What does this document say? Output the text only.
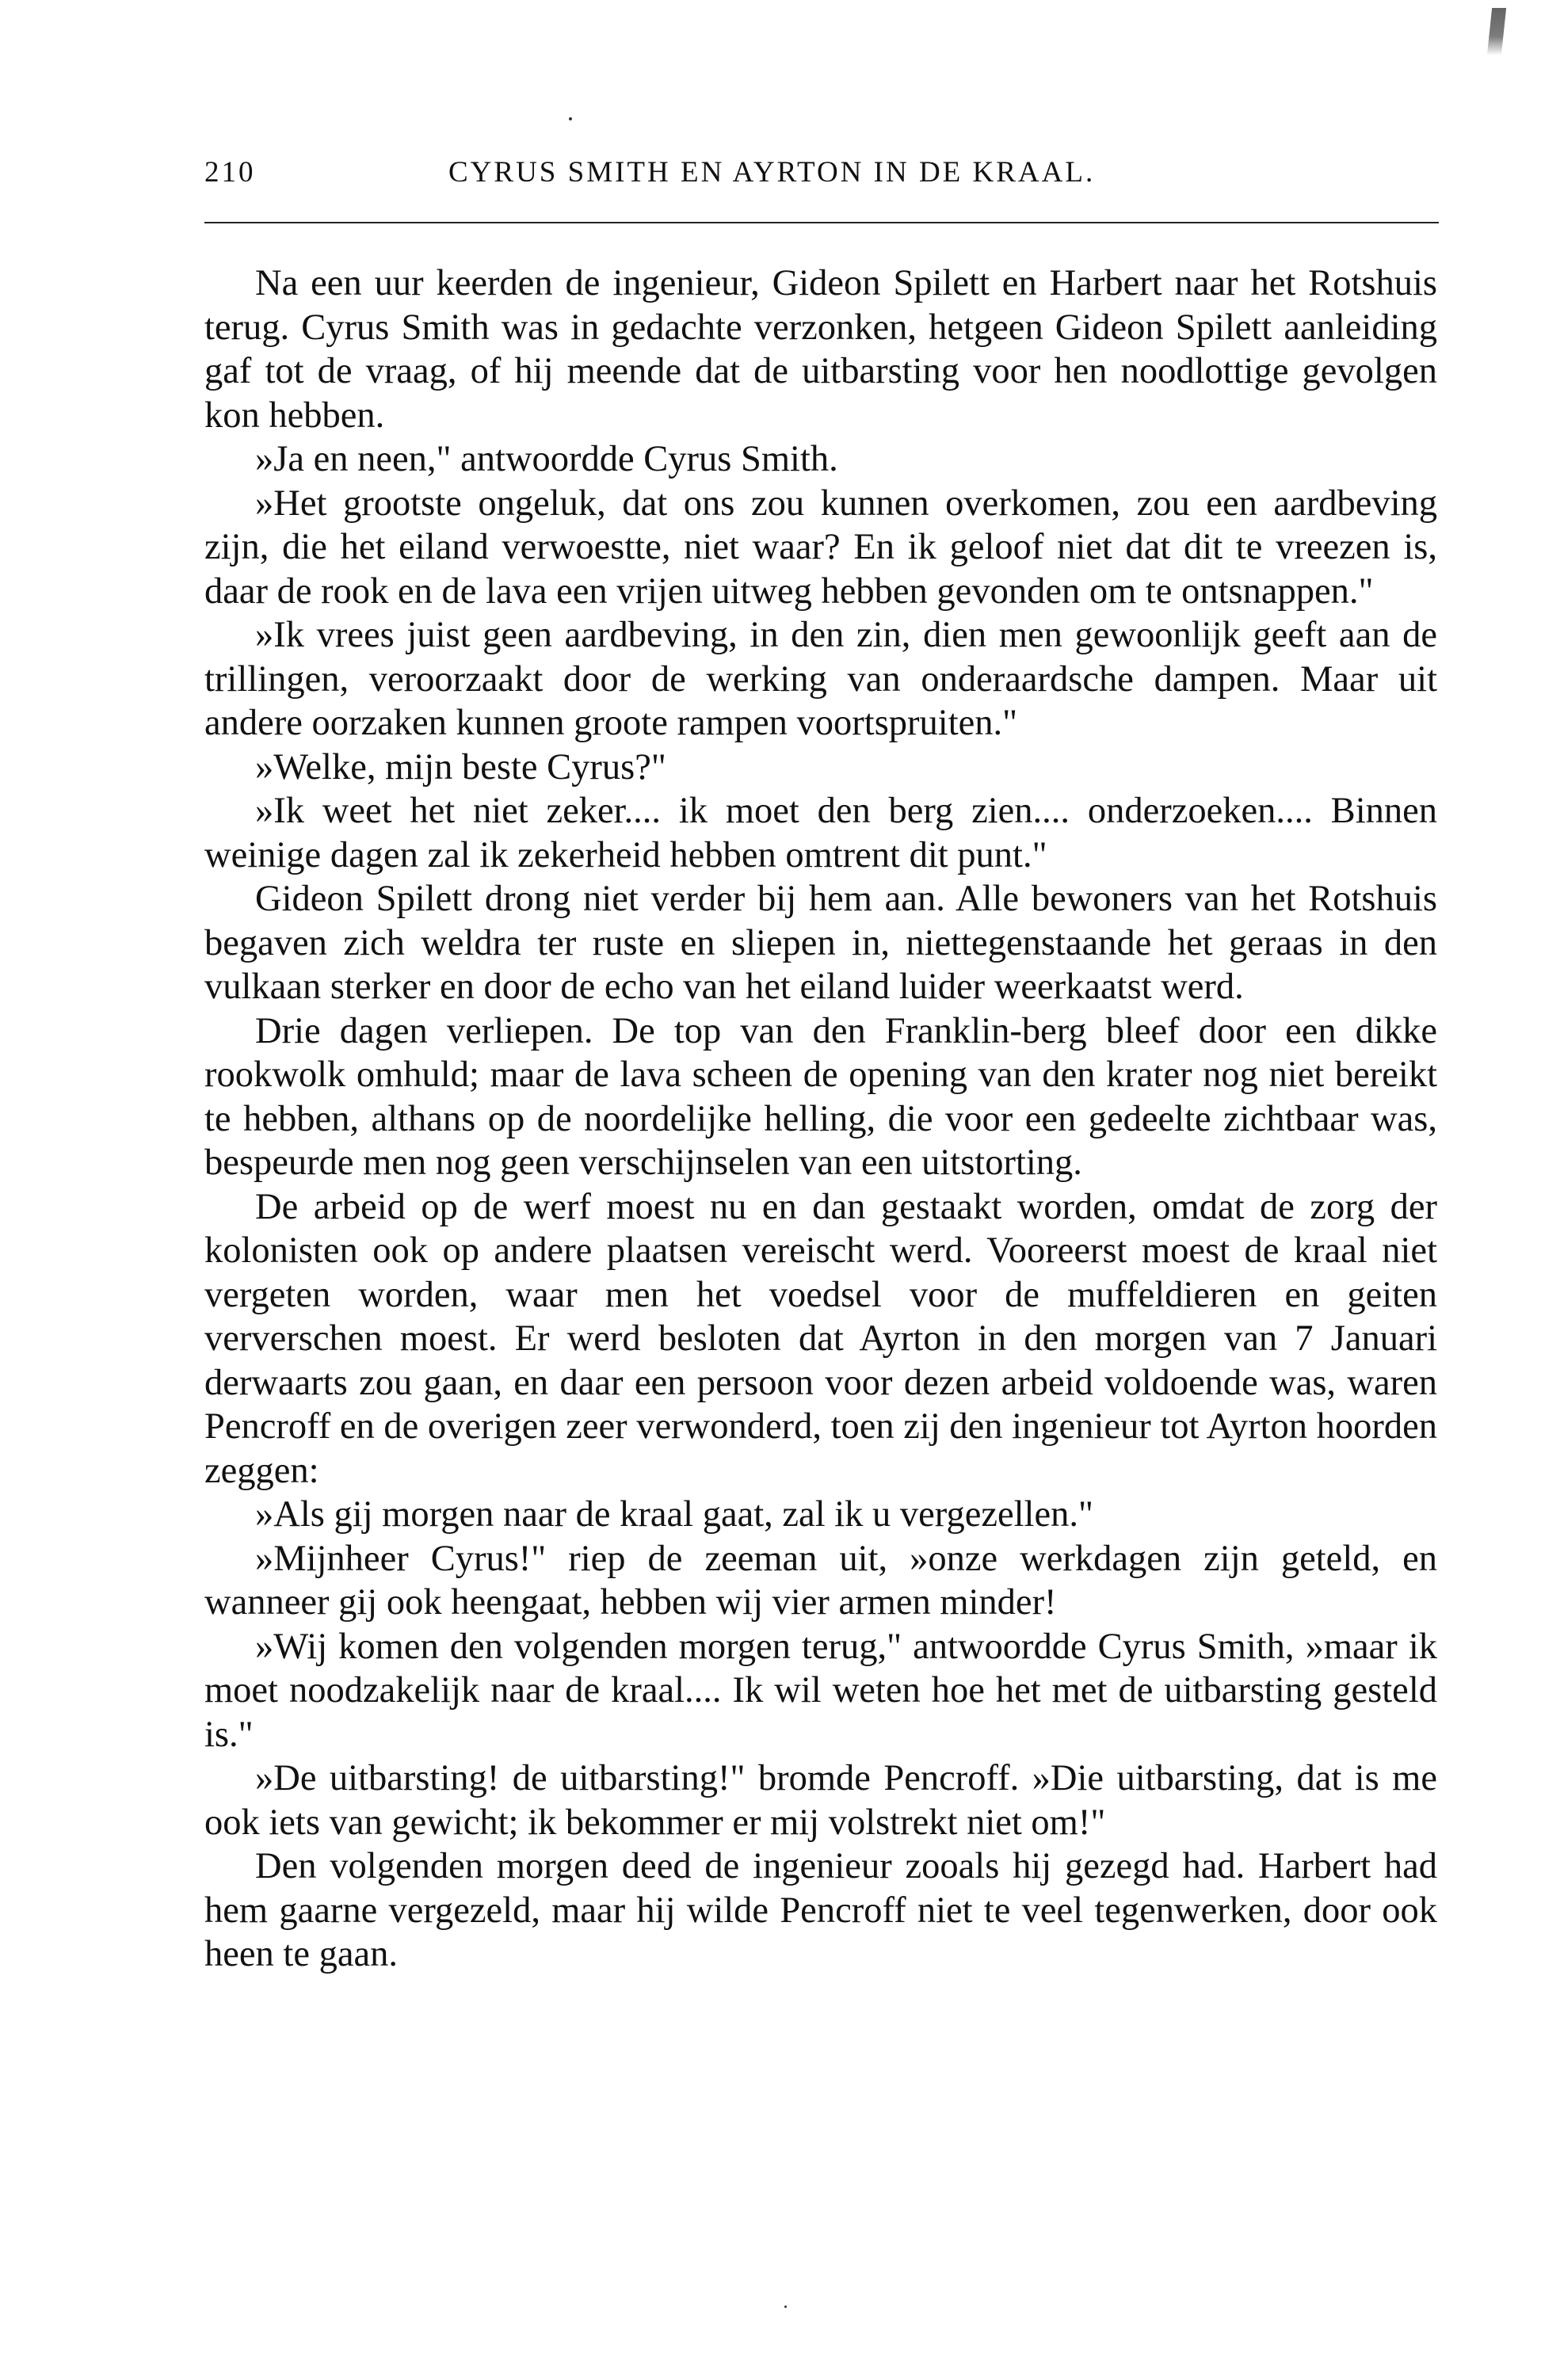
210	CYRUS SMITH EN AYRTON IN DE KRAAL.

Na een uur keerden de ingenieur, Gideon Spilett en Harbert naar het Rotshuis terug. Cyrus Smith was in gedachte verzonken, hetgeen Gideon Spilett aanleiding gaf tot de vraag, of hij meende dat de uitbarsting voor hen noodlottige gevolgen kon hebben.

»Ja en neen," antwoordde Cyrus Smith.

»Het grootste ongeluk, dat ons zou kunnen overkomen, zou een aardbeving zijn, die het eiland verwoestte, niet waar? En ik geloof niet dat dit te vreezen is, daar de rook en de lava een vrijen uitweg hebben gevonden om te ontsnappen."

»Ik vrees juist geen aardbeving, in den zin, dien men gewoonlijk geeft aan de trillingen, veroorzaakt door de werking van onderaardsche dampen. Maar uit andere oorzaken kunnen groote rampen voortspruiten."

»Welke, mijn beste Cyrus?"

»Ik weet het niet zeker.... ik moet den berg zien.... onderzoeken.... Binnen weinige dagen zal ik zekerheid hebben omtrent dit punt."

Gideon Spilett drong niet verder bij hem aan. Alle bewoners van het Rotshuis begaven zich weldra ter ruste en sliepen in, niettegenstaande het geraas in den vulkaan sterker en door de echo van het eiland luider weerkaatst werd.

Drie dagen verliepen. De top van den Franklin-berg bleef door een dikke rookwolk omhuld; maar de lava scheen de opening van den krater nog niet bereikt te hebben, althans op de noordelijke helling, die voor een gedeelte zichtbaar was, bespeurde men nog geen verschijnselen van een uitstorting.

De arbeid op de werf moest nu en dan gestaakt worden, omdat de zorg der kolonisten ook op andere plaatsen vereischt werd. Vooreerst moest de kraal niet vergeten worden, waar men het voedsel voor de muffeldieren en geiten ververschen moest. Er werd besloten dat Ayrton in den morgen van 7 Januari derwaarts zou gaan, en daar een persoon voor dezen arbeid voldoende was, waren Pencroff en de overigen zeer verwonderd, toen zij den ingenieur tot Ayrton hoorden zeggen:

»Als gij morgen naar de kraal gaat, zal ik u vergezellen."

»Mijnheer Cyrus!" riep de zeeman uit, »onze werkdagen zijn geteld, en wanneer gij ook heengaat, hebben wij vier armen minder!

»Wij komen den volgenden morgen terug," antwoordde Cyrus Smith, »maar ik moet noodzakelijk naar de kraal.... Ik wil weten hoe het met de uitbarsting gesteld is."

»De uitbarsting! de uitbarsting!" bromde Pencroff. »Die uitbarsting, dat is me ook iets van gewicht; ik bekommer er mij volstrekt niet om!"

Den volgenden morgen deed de ingenieur zooals hij gezegd had. Harbert had hem gaarne vergezeld, maar hij wilde Pencroff niet te veel tegenwerken, door ook heen te gaan.
